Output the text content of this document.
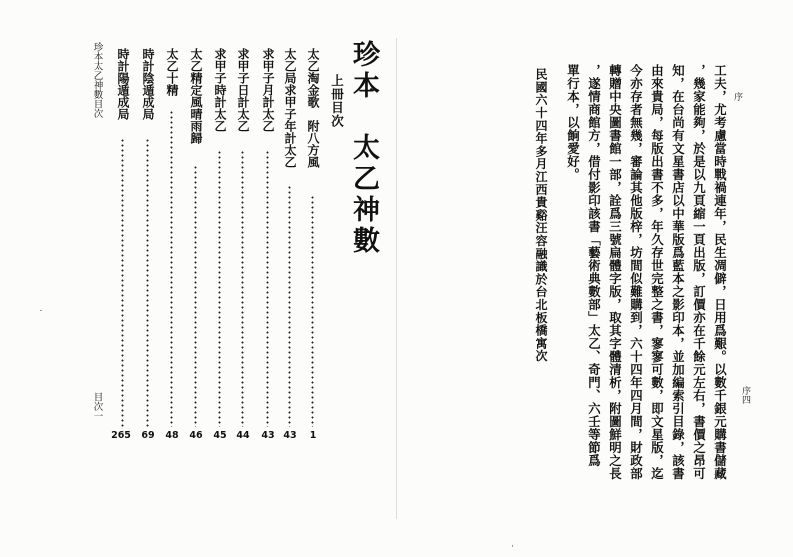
序
序四
工夫，尤考慮當時戰禍連年，民生凋僻，日用爲艱。以數千銀元購書儲藏
，幾家能夠，於是以九頁縮一頁出版，訂價亦在千餘元左右，書價之昂可
知，在台尚有文星書店以中華版爲藍本之影印本，並加編索引目錄，該書
由來貴局，每版出書不多，年久存世完整之書，寥寥可數，即文星版，迄
今亦存者無幾，審論其他版梓，坊間似難購到，六十四年四月間，財政部
轉贈中央圖書館一部，詮爲三號扁體字版，取其字體清析，附圖鮮明之長
，遂情商館方，借付影印該書「藝術典數部」太乙、奇門、六壬等節爲
單行本，以餉愛好。
民國六十四年多月江西貴谿汪容融識於台北板橋寓次
珍本　太乙神數
上冊目次
太乙淘金歌　附八方風
1
太乙局求甲子年計太乙
43
求甲子月計太乙
43
求甲子日計太乙
44
求甲子時計太乙
45
太乙精定風晴雨歸
46
太乙十精
48
時計陰遁成局
69
時計陽遁成局
265
珍本太乙神數目次
目次一
